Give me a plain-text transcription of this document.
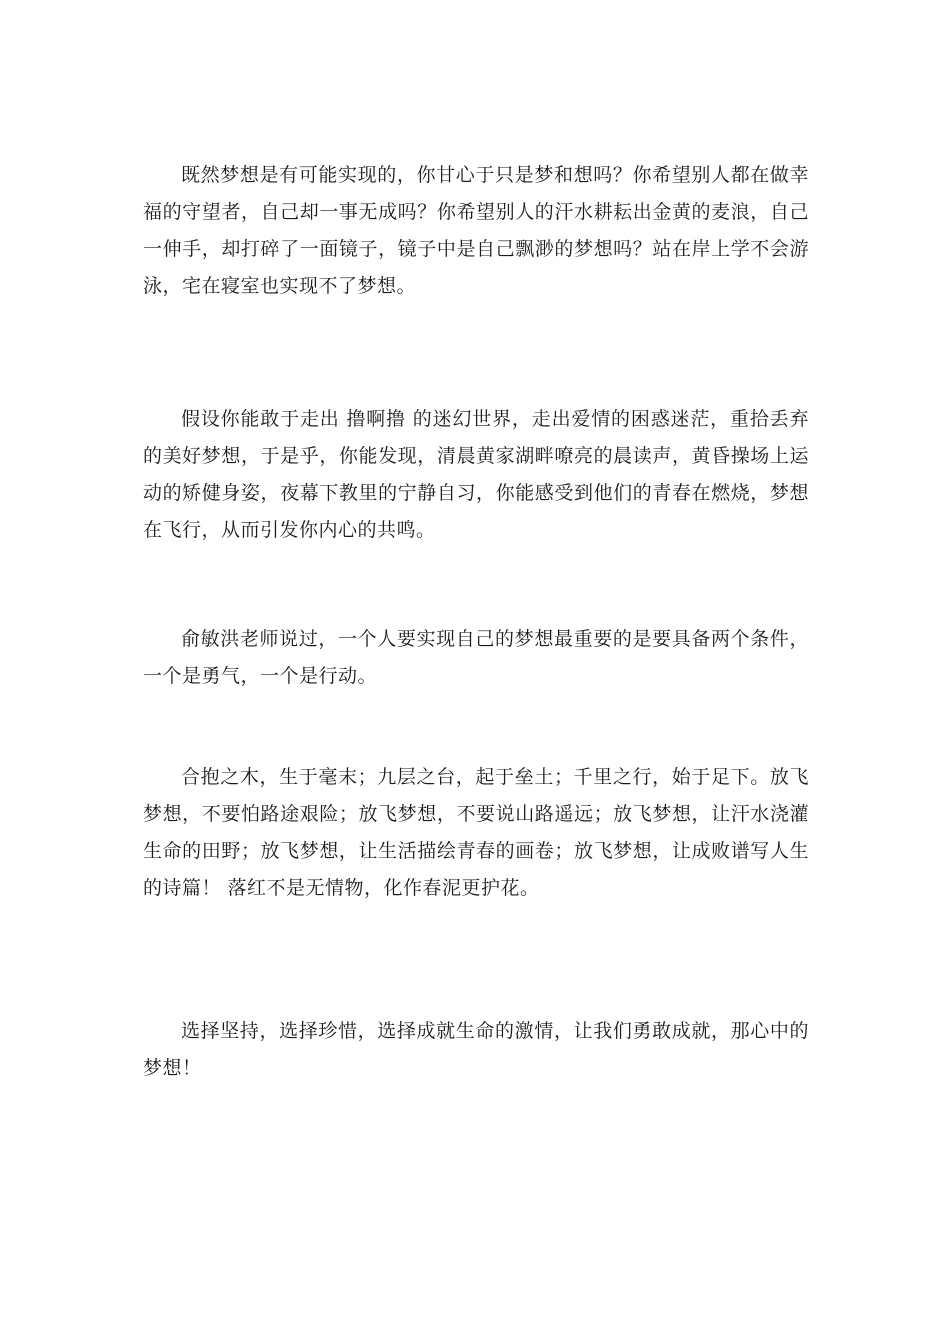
既然梦想是有可能实现的，你甘心于只是梦和想吗？你希望别人都在做幸福的守望者，自己却一事无成吗？你希望别人的汗水耕耘出金黄的麦浪，自己一伸手，却打碎了一面镜子，镜子中是自己飘渺的梦想吗？站在岸上学不会游泳，宅在寝室也实现不了梦想。

假设你能敢于走出 撸啊撸 的迷幻世界，走出爱情的困惑迷茫，重拾丢弃的美好梦想，于是乎，你能发现，清晨黄家湖畔嘹亮的晨读声，黄昏操场上运动的矫健身姿，夜幕下教里的宁静自习，你能感受到他们的青春在燃烧，梦想在飞行，从而引发你内心的共鸣。

俞敏洪老师说过，一个人要实现自己的梦想最重要的是要具备两个条件，一个是勇气，一个是行动。

合抱之木，生于毫末；九层之台，起于垒土；千里之行，始于足下。放飞梦想，不要怕路途艰险；放飞梦想，不要说山路遥远；放飞梦想，让汗水浇灌生命的田野；放飞梦想，让生活描绘青春的画卷；放飞梦想，让成败谱写人生的诗篇！ 落红不是无情物，化作春泥更护花。

选择坚持，选择珍惜，选择成就生命的激情，让我们勇敢成就，那心中的梦想！
